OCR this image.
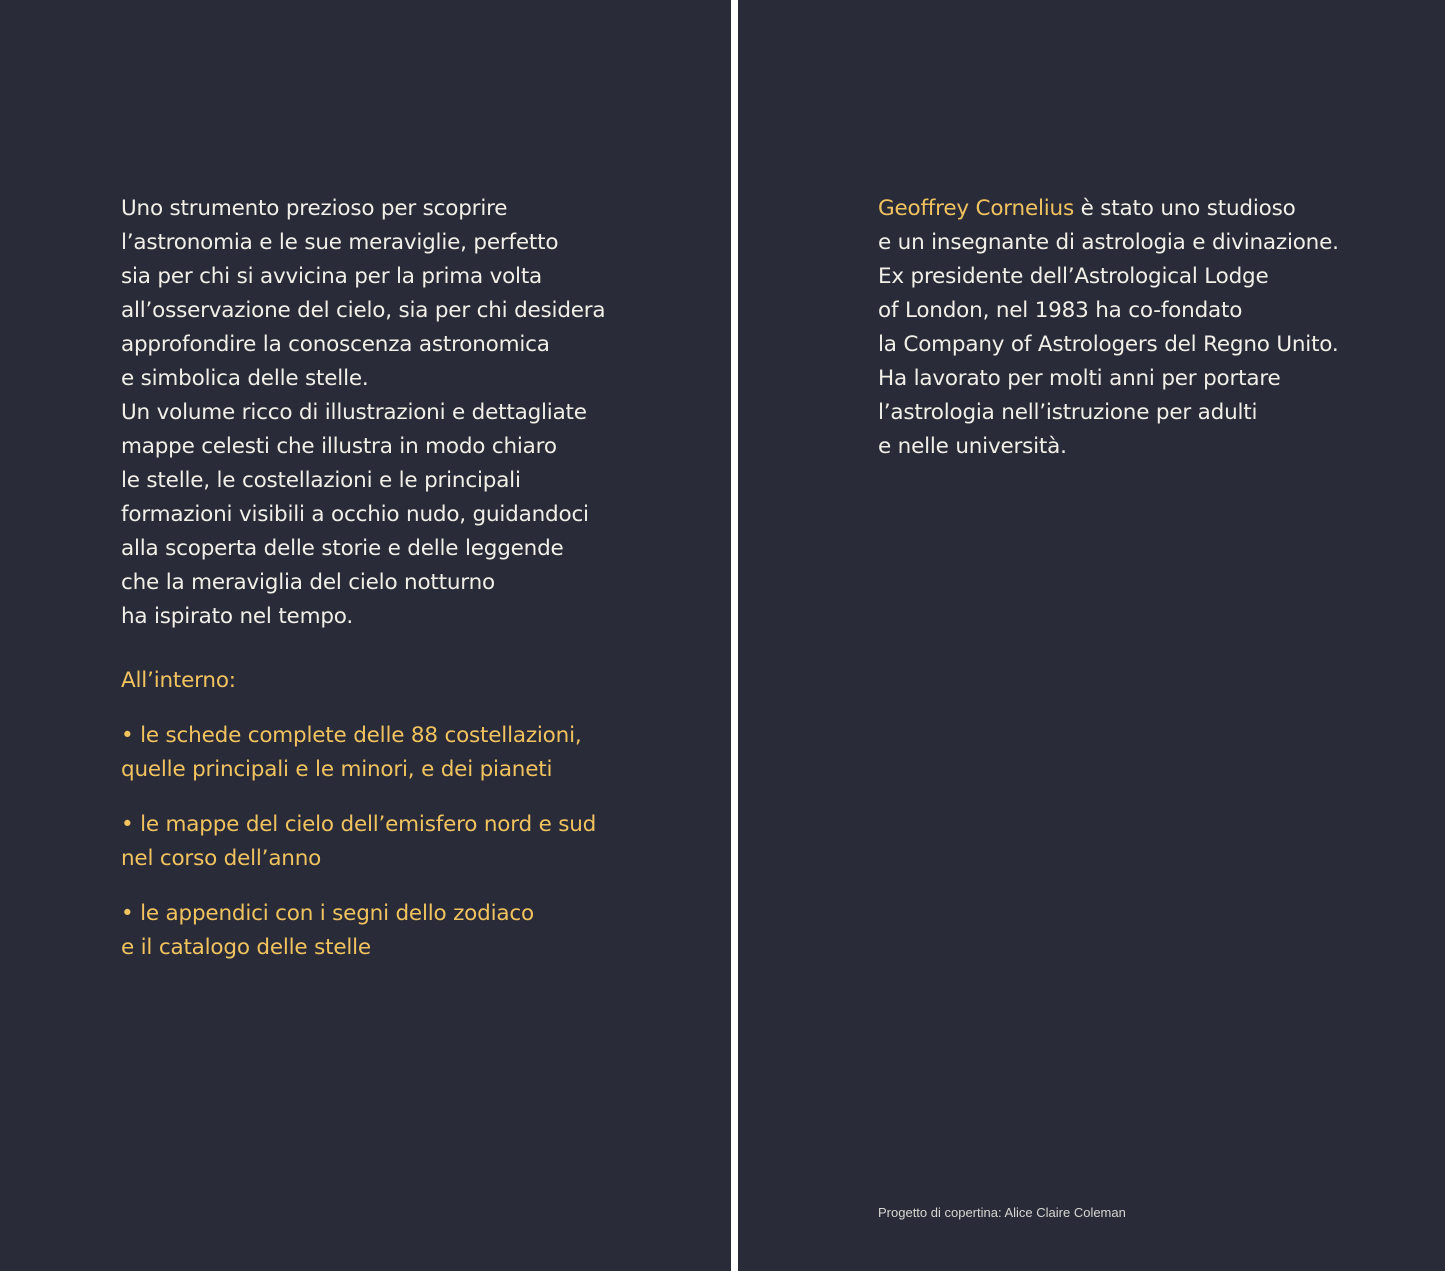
Uno strumento prezioso per scoprire
l’astronomia e le sue meraviglie, perfetto
sia per chi si avvicina per la prima volta
all’osservazione del cielo, sia per chi desidera
approfondire la conoscenza astronomica
e simbolica delle stelle.
Un volume ricco di illustrazioni e dettagliate
mappe celesti che illustra in modo chiaro
le stelle, le costellazioni e le principali
formazioni visibili a occhio nudo, guidandoci
alla scoperta delle storie e delle leggende
che la meraviglia del cielo notturno
ha ispirato nel tempo.
All’interno:
• le schede complete delle 88 costellazioni,
quelle principali e le minori, e dei pianeti
• le mappe del cielo dell’emisfero nord e sud
nel corso dell’anno
• le appendici con i segni dello zodiaco
e il catalogo delle stelle
Geoffrey Cornelius è stato uno studioso
e un insegnante di astrologia e divinazione.
Ex presidente dell’Astrological Lodge
of London, nel 1983 ha co-fondato
la Company of Astrologers del Regno Unito.
Ha lavorato per molti anni per portare
l’astrologia nell’istruzione per adulti
e nelle università.
Progetto di copertina: Alice Claire Coleman
